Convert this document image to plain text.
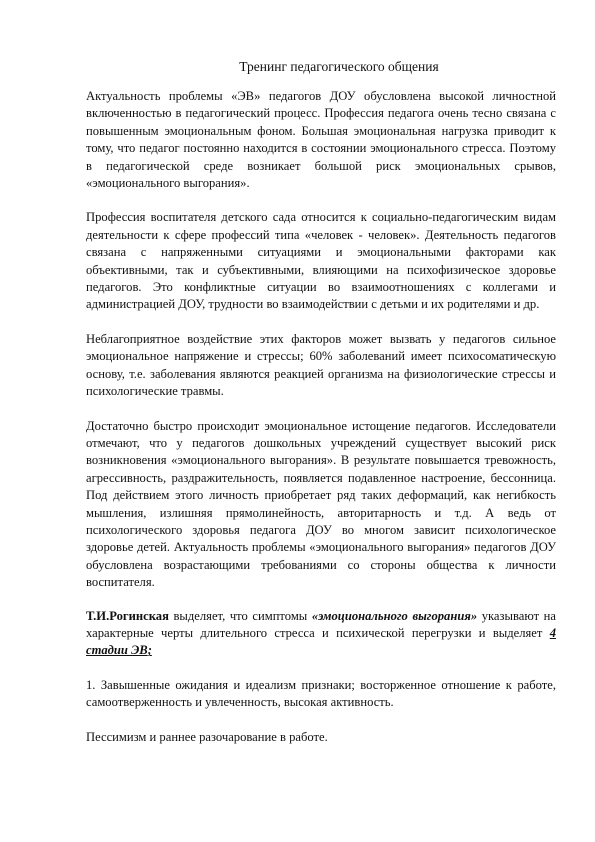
Тренинг педагогического общения

Актуальность проблемы «ЭВ» педагогов ДОУ обусловлена высокой личностной включенностью в педагогический процесс. Профессия педагога очень тесно связана с повышенным эмоциональным фоном. Большая эмоциональная нагрузка приводит к тому, что педагог постоянно находится в состоянии эмоционального стресса. Поэтому в педагогической среде возникает большой риск эмоциональных срывов, «эмоционального выгорания».

Профессия воспитателя детского сада относится к социально-педагогическим видам деятельности к сфере профессий типа «человек - человек». Деятельность педагогов связана с напряженными ситуациями и эмоциональными факторами как объективными, так и субъективными, влияющими на психофизическое здоровье педагогов. Это конфликтные ситуации во взаимоотношениях с коллегами и администрацией ДОУ, трудности во взаимодействии с детьми и их родителями и др.

Неблагоприятное воздействие этих факторов может вызвать у педагогов сильное эмоциональное напряжение и стрессы; 60% заболеваний имеет психосоматическую основу, т.е. заболевания являются реакцией организма на физиологические стрессы и психологические травмы.

Достаточно быстро происходит эмоциональное истощение педагогов. Исследователи отмечают, что у педагогов дошкольных учреждений существует высокий риск возникновения «эмоционального выгорания». В результате повышается тревожность, агрессивность, раздражительность, появляется подавленное настроение, бессонница. Под действием этого личность приобретает ряд таких деформаций, как негибкость мышления, излишняя прямолинейность, авторитарность и т.д. А ведь от психологического здоровья педагога ДОУ во многом зависит психологическое здоровье детей. Актуальность проблемы «эмоционального выгорания» педагогов ДОУ обусловлена возрастающими требованиями со стороны общества к личности воспитателя.

Т.И.Рогинская выделяет, что симптомы «эмоционального выгорания» указывают на характерные черты длительного стресса и психической перегрузки и выделяет 4 стадии ЭВ;

1. Завышенные ожидания и идеализм признаки; восторженное отношение к работе, самоотверженность и увлеченность, высокая активность.

Пессимизм и раннее разочарование в работе.
